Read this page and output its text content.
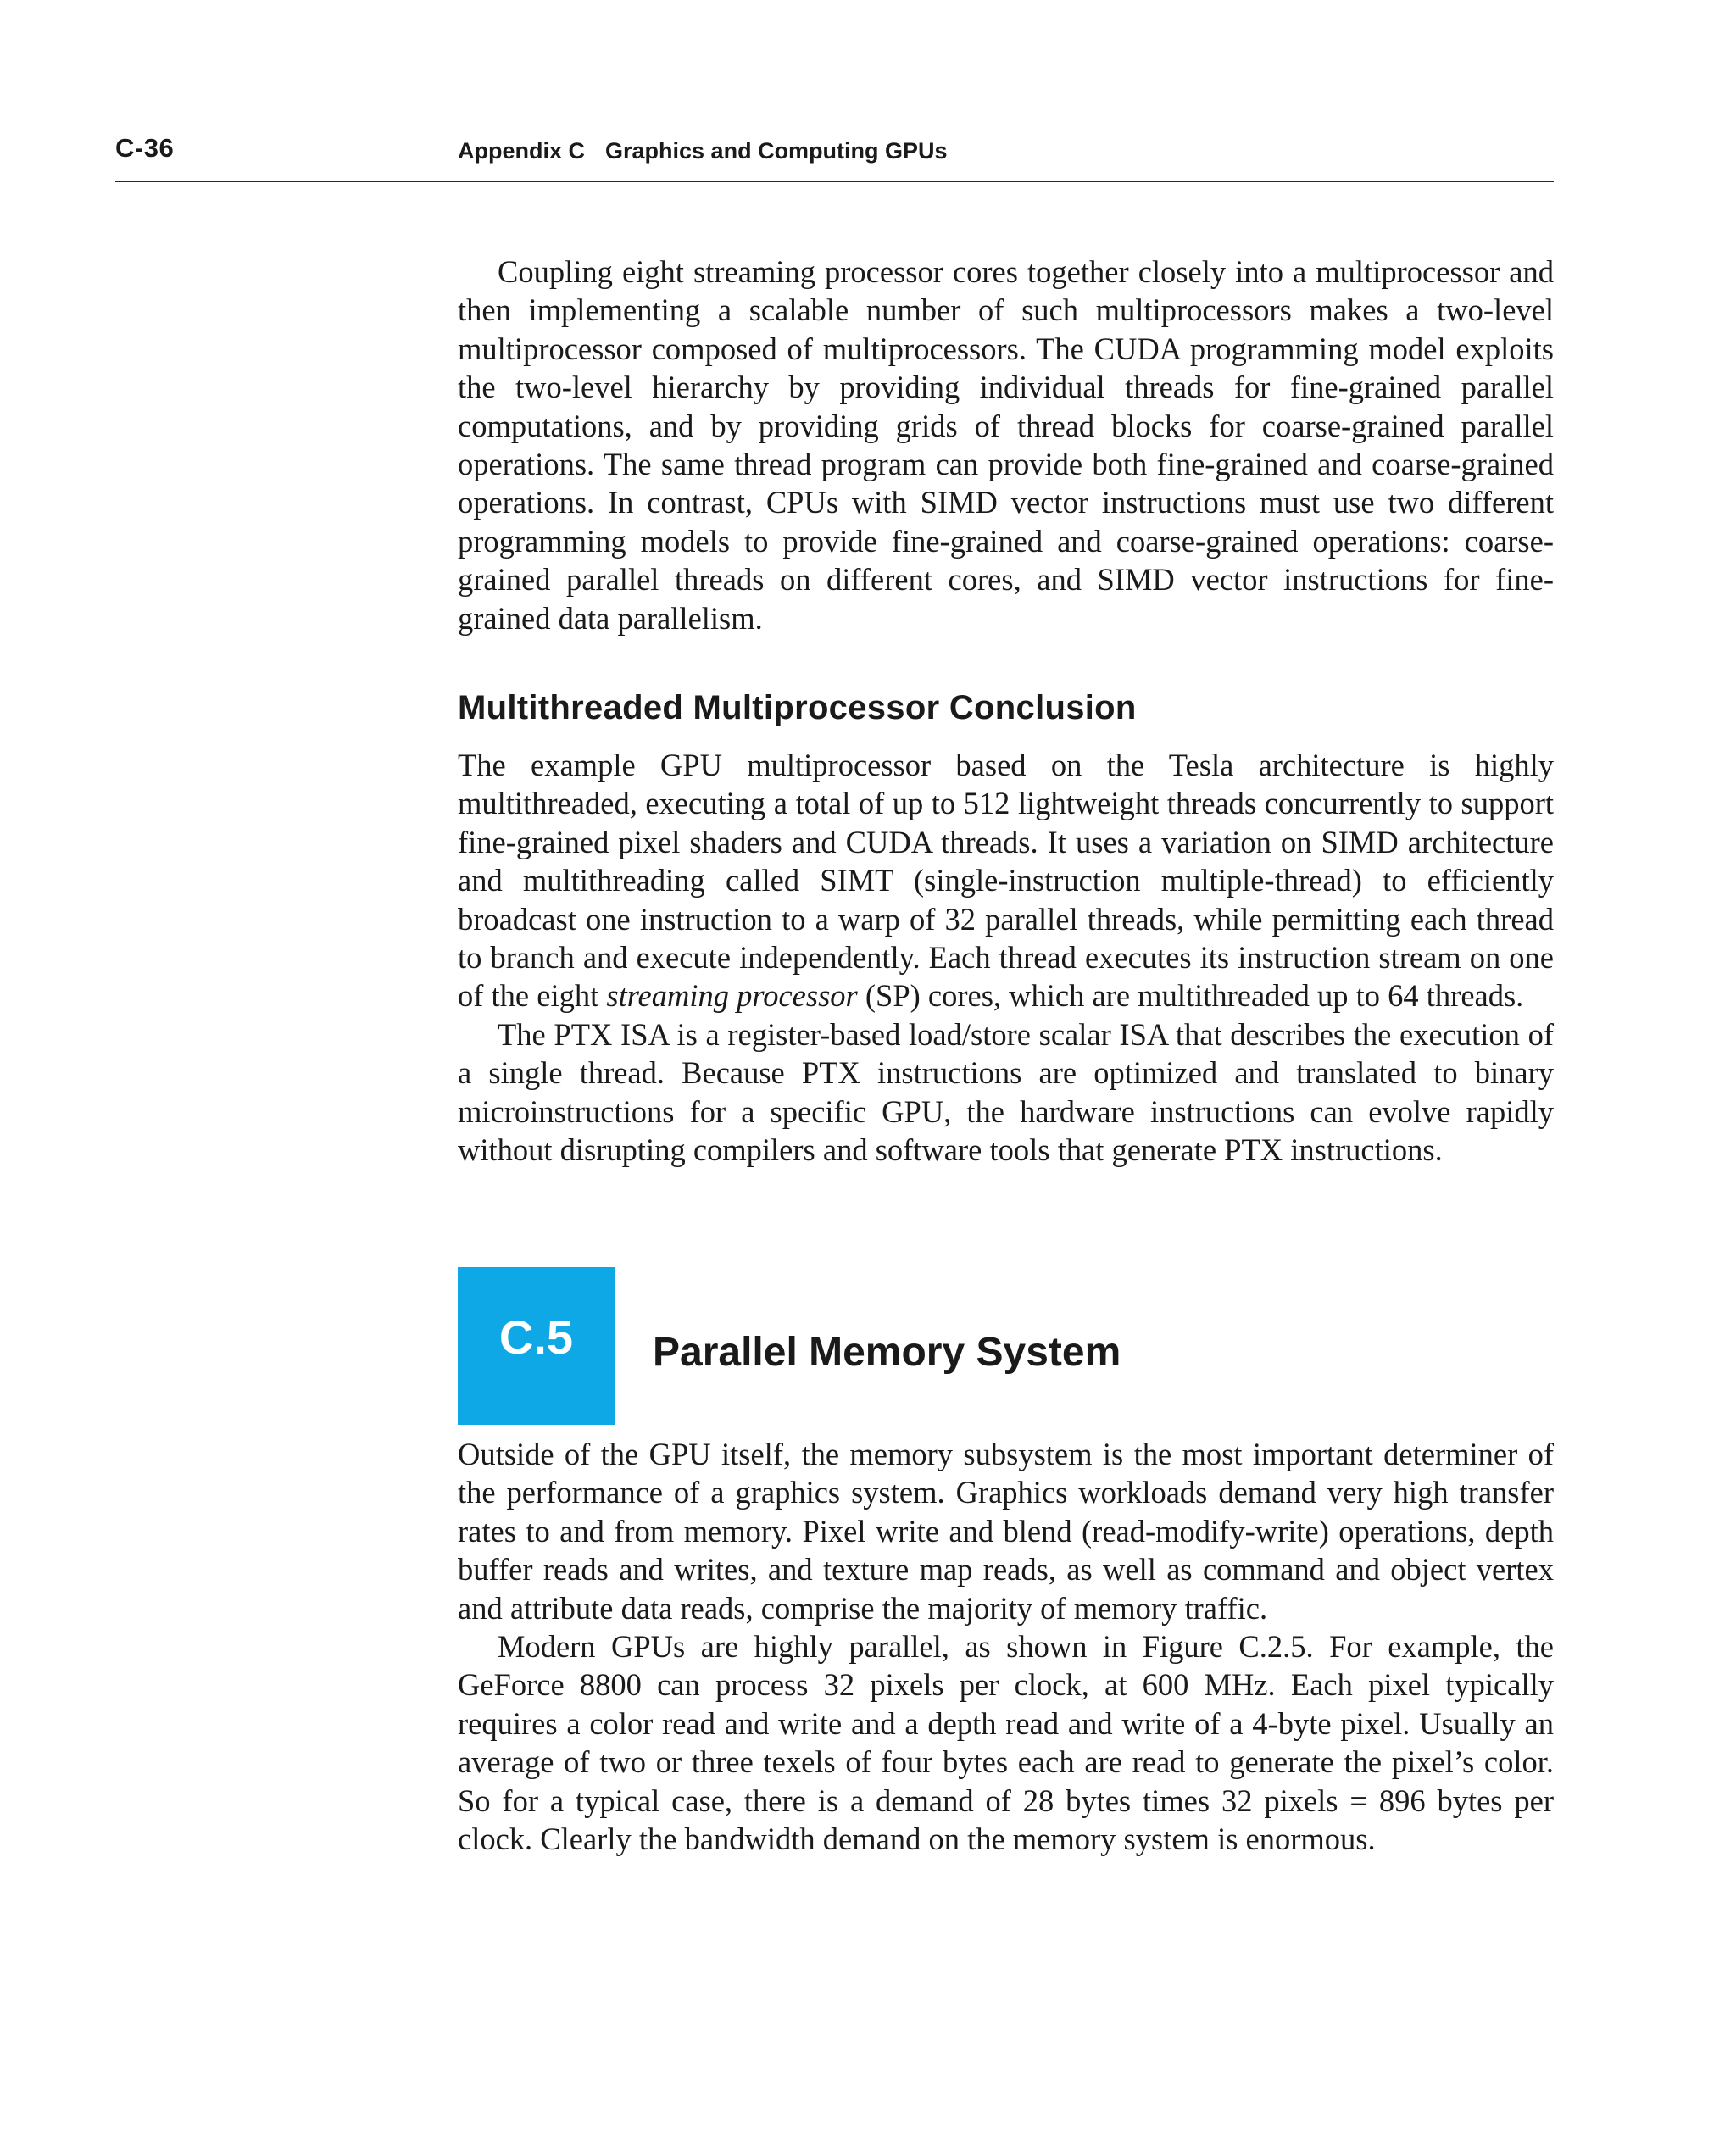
C-36	Appendix C Graphics and Computing GPUs

Coupling eight streaming processor cores together closely into a multiprocessor and then implementing a scalable number of such multiprocessors makes a two-level multiprocessor composed of multiprocessors. The CUDA programming model exploits the two-level hierarchy by providing individual threads for fine-grained parallel computations, and by providing grids of thread blocks for coarse-grained parallel operations. The same thread program can provide both fine-grained and coarse-grained operations. In contrast, CPUs with SIMD vector instructions must use two different programming models to provide fine-grained and coarse-grained operations: coarse-grained parallel threads on different cores, and SIMD vector instructions for fine-grained data parallelism.

Multithreaded Multiprocessor Conclusion

The example GPU multiprocessor based on the Tesla architecture is highly multithreaded, executing a total of up to 512 lightweight threads concurrently to support fine-grained pixel shaders and CUDA threads. It uses a variation on SIMD architecture and multithreading called SIMT (single-instruction multiple-thread) to efficiently broadcast one instruction to a warp of 32 parallel threads, while permitting each thread to branch and execute independently. Each thread executes its instruction stream on one of the eight streaming processor (SP) cores, which are multithreaded up to 64 threads.

The PTX ISA is a register-based load/store scalar ISA that describes the execution of a single thread. Because PTX instructions are optimized and translated to binary microinstructions for a specific GPU, the hardware instructions can evolve rapidly without disrupting compilers and software tools that generate PTX instructions.

C.5	Parallel Memory System

Outside of the GPU itself, the memory subsystem is the most important determiner of the performance of a graphics system. Graphics workloads demand very high transfer rates to and from memory. Pixel write and blend (read-modify-write) operations, depth buffer reads and writes, and texture map reads, as well as command and object vertex and attribute data reads, comprise the majority of memory traffic.

Modern GPUs are highly parallel, as shown in Figure C.2.5. For example, the GeForce 8800 can process 32 pixels per clock, at 600 MHz. Each pixel typically requires a color read and write and a depth read and write of a 4-byte pixel. Usually an average of two or three texels of four bytes each are read to generate the pixel’s color. So for a typical case, there is a demand of 28 bytes times 32 pixels = 896 bytes per clock. Clearly the bandwidth demand on the memory system is enormous.
